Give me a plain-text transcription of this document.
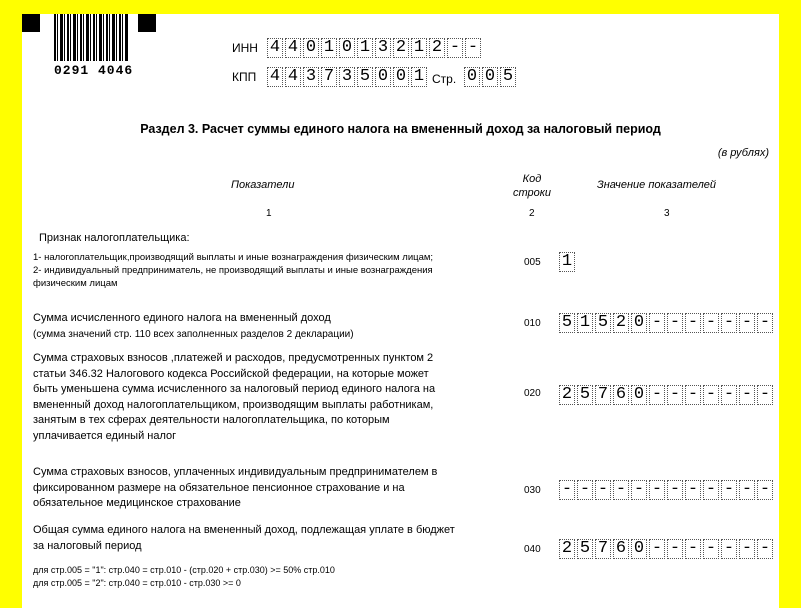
0291 4046
ИНН 4 4 0 1 0 1 3 2 1 2 - -
КПП 4 4 3 7 3 5 0 0 1 Стр. 0 0 5
Раздел 3. Расчет суммы единого налога на вмененный доход за налоговый период
(в рублях)
Показатели	Код
строки
Значение показателей
1	2	3
Признак налогоплательщика:
1- налогоплательщик,производящий выплаты и иные вознаграждения физическим лицам;
2- индивидуальный предприниматель, не производящий выплаты и иные вознаграждения
физическим лицам
005 1
Сумма исчисленного единого налога на вмененный доход
(сумма значений стр. 110 всех заполненных разделов 2 декларации)
010 5 1 5 2 0 - - - - - - -
Сумма страховых взносов ,платежей и расходов, предусмотренных пунктом 2
статьи 346.32 Налогового кодекса Российской федерации, на которые может
быть уменьшена сумма исчисленного за налоговый период единого налога на
вмененный доход налогоплательщиком, производящим выплаты работникам,
занятым в тех сферах деятельности налогоплательщика, по которым
уплачивается единый налог
020 2 5 7 6 0 - - - - - - -
Сумма страховых взносов, уплаченных индивидуальным предпринимателем в
фиксированном размере на обязательное пенсионное страхование и на
обязательное медицинское страхование
030 - - - - - - - - - - - -
Общая сумма единого налога на вмененный доход, подлежащая уплате в бюджет
за налоговый период	040 2 5 7 6 0 - - - - - - -
для стр.005 = "1": стр.040 = стр.010 - (стр.020 + стр.030) >= 50% стр.010
для стр.005 = "2": стр.040 = стр.010 - стр.030 >= 0
